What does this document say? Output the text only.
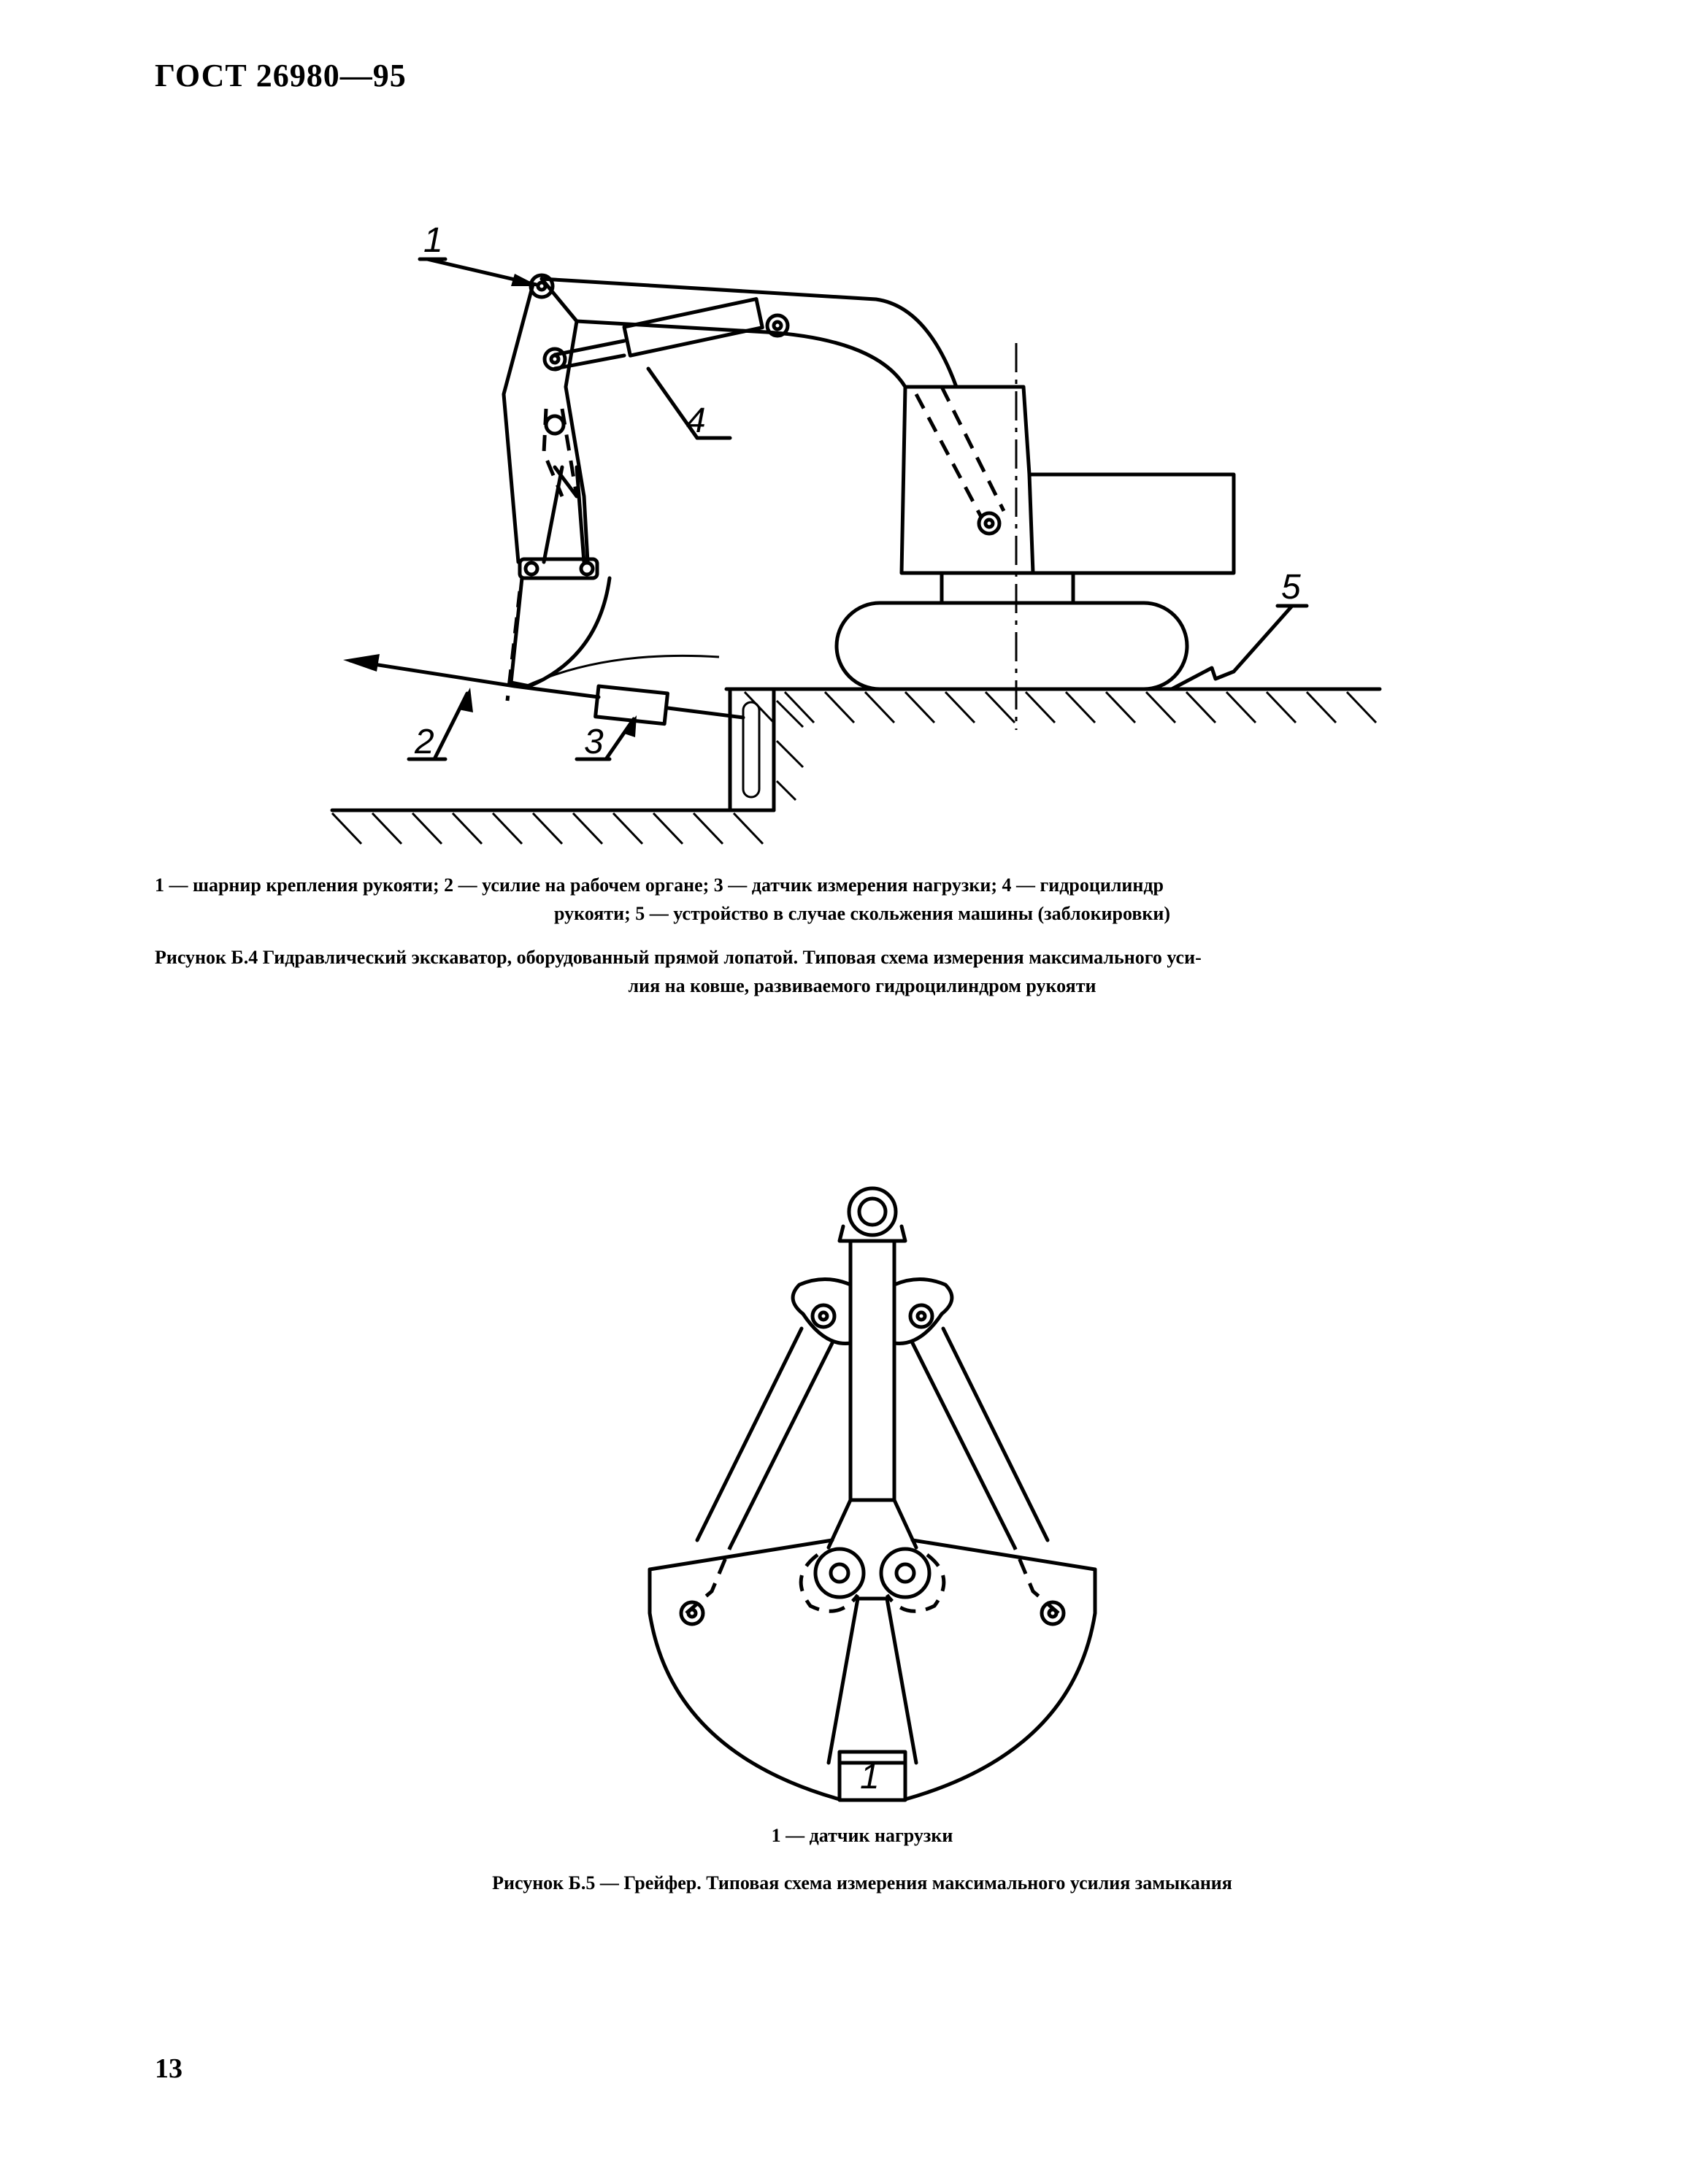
ГОСТ 26980—95
1
2	3
4
5
1 — шарнир крепления рукояти; 2 — усилие на рабочем органе; 3 — датчик измерения нагрузки; 4 — гидроцилиндр
рукояти; 5 — устройство в случае скольжения машины (заблокировки)
Рисунок Б.4 Гидравлический экскаватор, оборудованный прямой лопатой. Типовая схема измерения максимального уси-
лия на ковше, развиваемого гидроцилиндром рукояти
1
1 — датчик нагрузки
Рисунок Б.5 — Грейфер. Типовая схема измерения максимального усилия замыкания
13
